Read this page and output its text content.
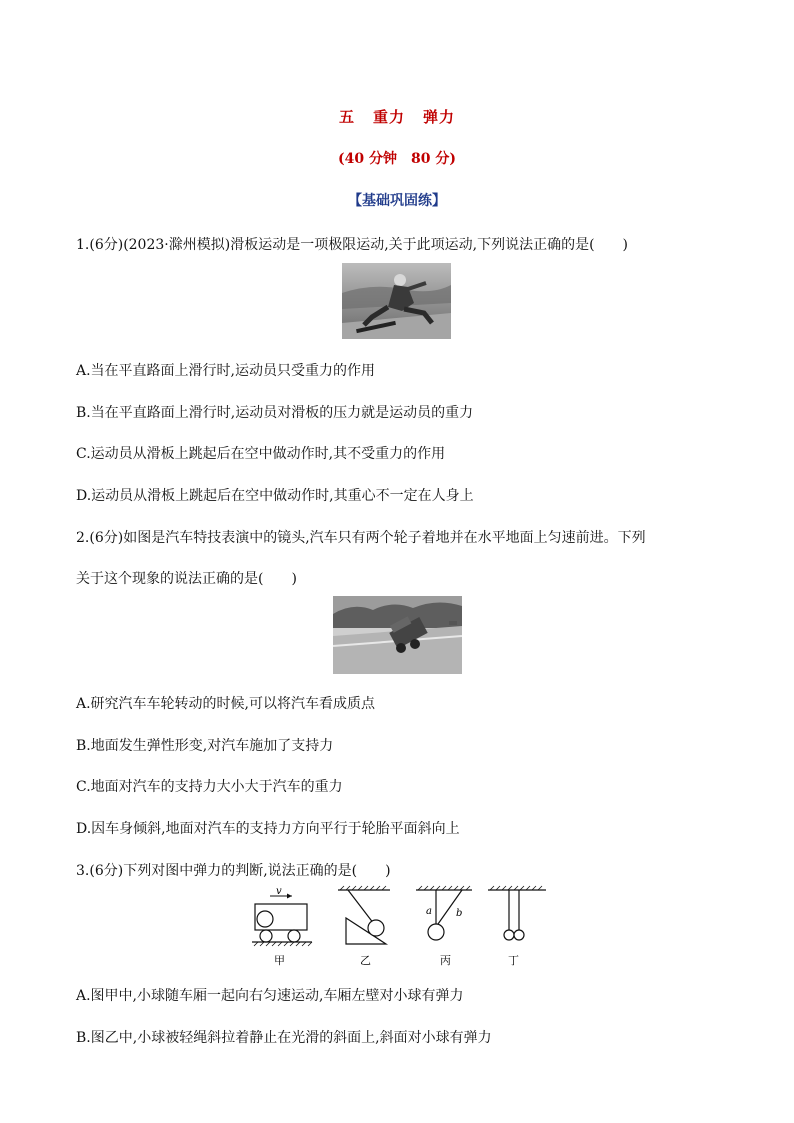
五 重力 弹力
(40 分钟　80 分)
【基础巩固练】
1.(6分)(2023·滁州模拟)滑板运动是一项极限运动,关于此项运动,下列说法正确的是(　　)
A.当在平直路面上滑行时,运动员只受重力的作用
B.当在平直路面上滑行时,运动员对滑板的压力就是运动员的重力
C.运动员从滑板上跳起后在空中做动作时,其不受重力的作用
D.运动员从滑板上跳起后在空中做动作时,其重心不一定在人身上
2.(6分)如图是汽车特技表演中的镜头,汽车只有两个轮子着地并在水平地面上匀速前进。下列
关于这个现象的说法正确的是(　　)
A.研究汽车车轮转动的时候,可以将汽车看成质点
B.地面发生弹性形变,对汽车施加了支持力
C.地面对汽车的支持力大小大于汽车的重力
D.因车身倾斜,地面对汽车的支持力方向平行于轮胎平面斜向上
3.(6分)下列对图中弹力的判断,说法正确的是(　　)
v
甲	乙
a b
丙	丁
A.图甲中,小球随车厢一起向右匀速运动,车厢左壁对小球有弹力
B.图乙中,小球被轻绳斜拉着静止在光滑的斜面上,斜面对小球有弹力
